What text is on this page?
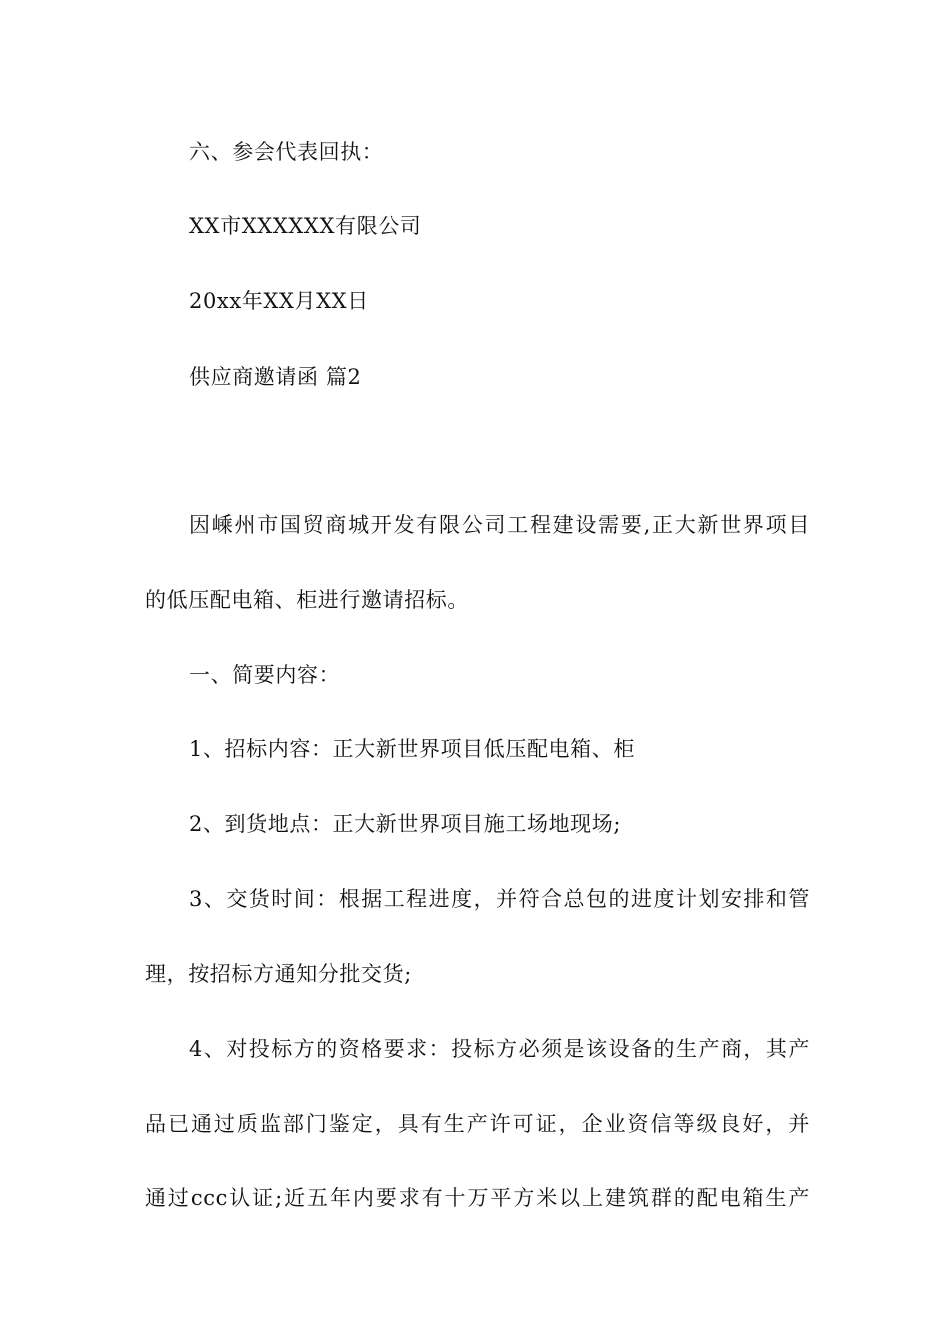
六、参会代表回执：
XX市XXXXXX有限公司
20xx年XX月XX日
供应商邀请函 篇2
因嵊州市国贸商城开发有限公司工程建设需要,正大新世界项目
的低压配电箱、柜进行邀请招标。
一、简要内容：
1、招标内容：正大新世界项目低压配电箱、柜
2、到货地点：正大新世界项目施工场地现场;
3、交货时间：根据工程进度，并符合总包的进度计划安排和管
理，按招标方通知分批交货;
4、对投标方的资格要求：投标方必须是该设备的生产商，其产
品已通过质监部门鉴定，具有生产许可证，企业资信等级良好，并
通过ccc认证;近五年内要求有十万平方米以上建筑群的配电箱生产
